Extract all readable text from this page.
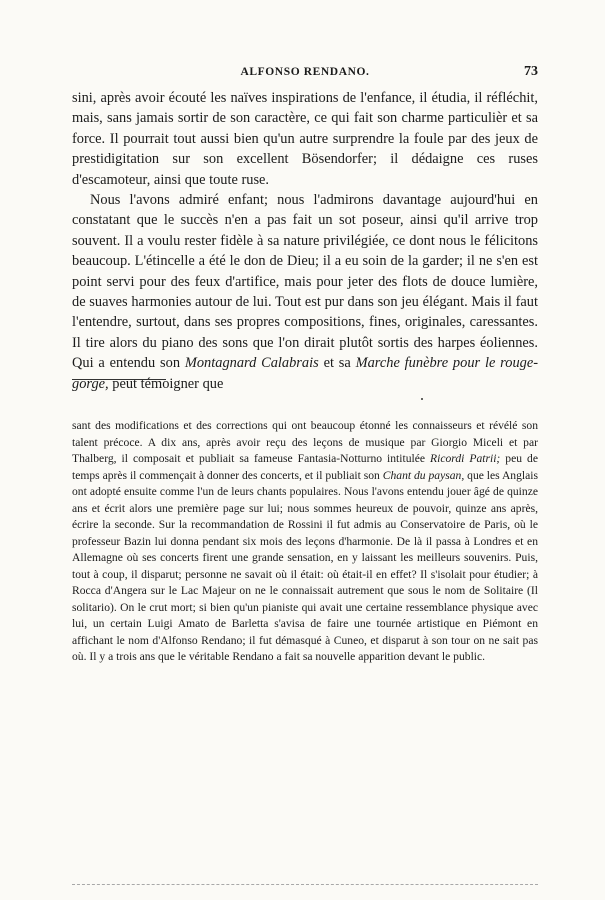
ALFONSO RENDANO.	73

sini, après avoir écouté les naïves inspirations de l'enfance, il étudia, il réfléchit, mais, sans jamais sortir de son caractère, ce qui fait son charme particulièr et sa force. Il pourrait tout aussi bien qu'un autre surprendre la foule par des jeux de prestidigitation sur son excellent Bösendorfer; il dédaigne ces ruses d'escamoteur, ainsi que toute ruse.

Nous l'avons admiré enfant; nous l'admirons davantage aujourd'hui en constatant que le succès n'en a pas fait un sot poseur, ainsi qu'il arrive trop souvent. Il a voulu rester fidèle à sa nature privilégiée, ce dont nous le félicitons beaucoup. L'étincelle a été le don de Dieu; il a eu soin de la garder; il ne s'en est point servi pour des feux d'artifice, mais pour jeter des flots de douce lumière, de suaves harmonies autour de lui. Tout est pur dans son jeu élégant. Mais il faut l'entendre, surtout, dans ses propres compositions, fines, originales, caressantes. Il tire alors du piano des sons que l'on dirait plutôt sortis des harpes éoliennes. Qui a entendu son Montagnard Calabrais et sa Marche funèbre pour le rouge-gorge, peut témoigner que

sant des modifications et des corrections qui ont beaucoup étonné les connaisseurs et révélé son talent précoce. A dix ans, après avoir reçu des leçons de musique par Giorgio Miceli et par Thalberg, il composait et publiait sa fameuse Fantasia-Notturno intitulée Ricordi Patrii; peu de temps après il commençait à donner des concerts, et il publiait son Chant du paysan, que les Anglais ont adopté ensuite comme l'un de leurs chants populaires. Nous l'avons entendu jouer âgé de quinze ans et écrit alors une première page sur lui; nous sommes heureux de pouvoir, quinze ans après, écrire la seconde. Sur la recommandation de Rossini il fut admis au Conservatoire de Paris, où le professeur Bazin lui donna pendant six mois des leçons d'harmonie. De là il passa à Londres et en Allemagne où ses concerts firent une grande sensation, en y laissant les meilleurs souvenirs. Puis, tout à coup, il disparut; personne ne savait où il était: où était-il en effet? Il s'isolait pour étudier; à Rocca d'Angera sur le Lac Majeur on ne le connaissait autrement que sous le nom de Solitaire (Il solitario). On le crut mort; si bien qu'un pianiste qui avait une certaine ressemblance physique avec lui, un certain Luigi Amato de Barletta s'avisa de faire une tournée artistique en Piémont en affichant le nom d'Alfonso Rendano; il fut démasqué à Cuneo, et disparut à son tour on ne sait pas où. Il y a trois ans que le véritable Rendano a fait sa nouvelle apparition devant le public.
